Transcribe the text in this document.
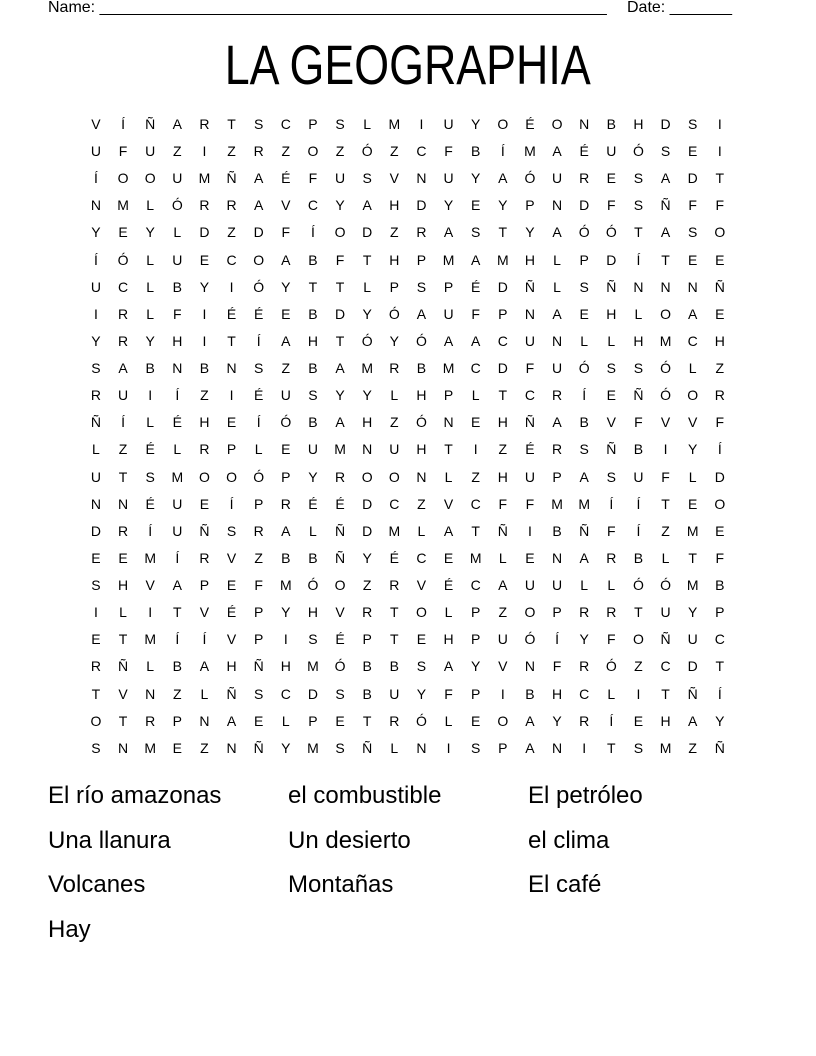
Name: _________________________________________________________ Date: _______
LA GEOGRAPHIA
V	Í	Ñ	A	R	T	S	C	P	S	L	M	I	U	Y	O	É	O	N	B	H	D	S	I
U	F	U	Z	I	Z	R	Z	O	Z	Ó	Z	C	F	B	Í	M	A	É	U	Ó	S	E	I
Í	O	O	U	M	Ñ	A	É	F	U	S	V	N	U	Y	A	Ó	U	R	E	S	A	D	T
N	M	L	Ó	R	R	A	V	C	Y	A	H	D	Y	E	Y	P	N	D	F	S	Ñ	F	F
Y	E	Y	L	D	Z	D	F	Í	O	D	Z	R	A	S	T	Y	A	Ó	Ó	T	A	S	O
Í	Ó	L	U	E	C	O	A	B	F	T	H	P	M	A	M	H	L	P	D	Í	T	E	E
U	C	L	B	Y	I	Ó	Y	T	T	L	P	S	P	É	D	Ñ	L	S	Ñ	N	N	N	Ñ
I	R	L	F	I	É	É	E	B	D	Y	Ó	A	U	F	P	N	A	E	H	L	O	A	E
Y	R	Y	H	I	T	Í	A	H	T	Ó	Y	Ó	A	A	C	U	N	L	L	H	M	C	H
S	A	B	N	B	N	S	Z	B	A	M	R	B	M	C	D	F	U	Ó	S	S	Ó	L	Z
R	U	I	Í	Z	I	É	U	S	Y	Y	L	H	P	L	T	C	R	Í	E	Ñ	Ó	O	R
Ñ	Í	L	É	H	E	Í	Ó	B	A	H	Z	Ó	N	E	H	Ñ	A	B	V	F	V	V	F
L	Z	É	L	R	P	L	E	U	M	N	U	H	T	I	Z	É	R	S	Ñ	B	I	Y	Í
U	T	S	M	O	O	Ó	P	Y	R	O	O	N	L	Z	H	U	P	A	S	U	F	L	D
N	N	É	U	E	Í	P	R	É	É	D	C	Z	V	C	F	F	M	M	Í	Í	T	E	O
D	R	Í	U	Ñ	S	R	A	L	Ñ	D	M	L	A	T	Ñ	I	B	Ñ	F	Í	Z	M	E
E	E	M	Í	R	V	Z	B	B	Ñ	Y	É	C	E	M	L	E	N	A	R	B	L	T	F
S	H	V	A	P	E	F	M	Ó	O	Z	R	V	É	C	A	U	U	L	L	Ó	Ó	M	B
I	L	I	T	V	É	P	Y	H	V	R	T	O	L	P	Z	O	P	R	R	T	U	Y	P
E	T	M	Í	Í	V	P	I	S	É	P	T	E	H	P	U	Ó	Í	Y	F	O	Ñ	U	C
R	Ñ	L	B	A	H	Ñ	H	M	Ó	B	B	S	A	Y	V	N	F	R	Ó	Z	C	D	T
T	V	N	Z	L	Ñ	S	C	D	S	B	U	Y	F	P	I	B	H	C	L	I	T	Ñ	Í
O	T	R	P	N	A	E	L	P	E	T	R	Ó	L	E	O	A	Y	R	Í	E	H	A	Y
S	N	M	E	Z	N	Ñ	Y	M	S	Ñ	L	N	I	S	P	A	N	I	T	S	M	Z	Ñ
El río amazonas	el combustible	El petróleo
Una llanura	Un desierto	el clima
Volcanes	Montañas	El café
Hay
